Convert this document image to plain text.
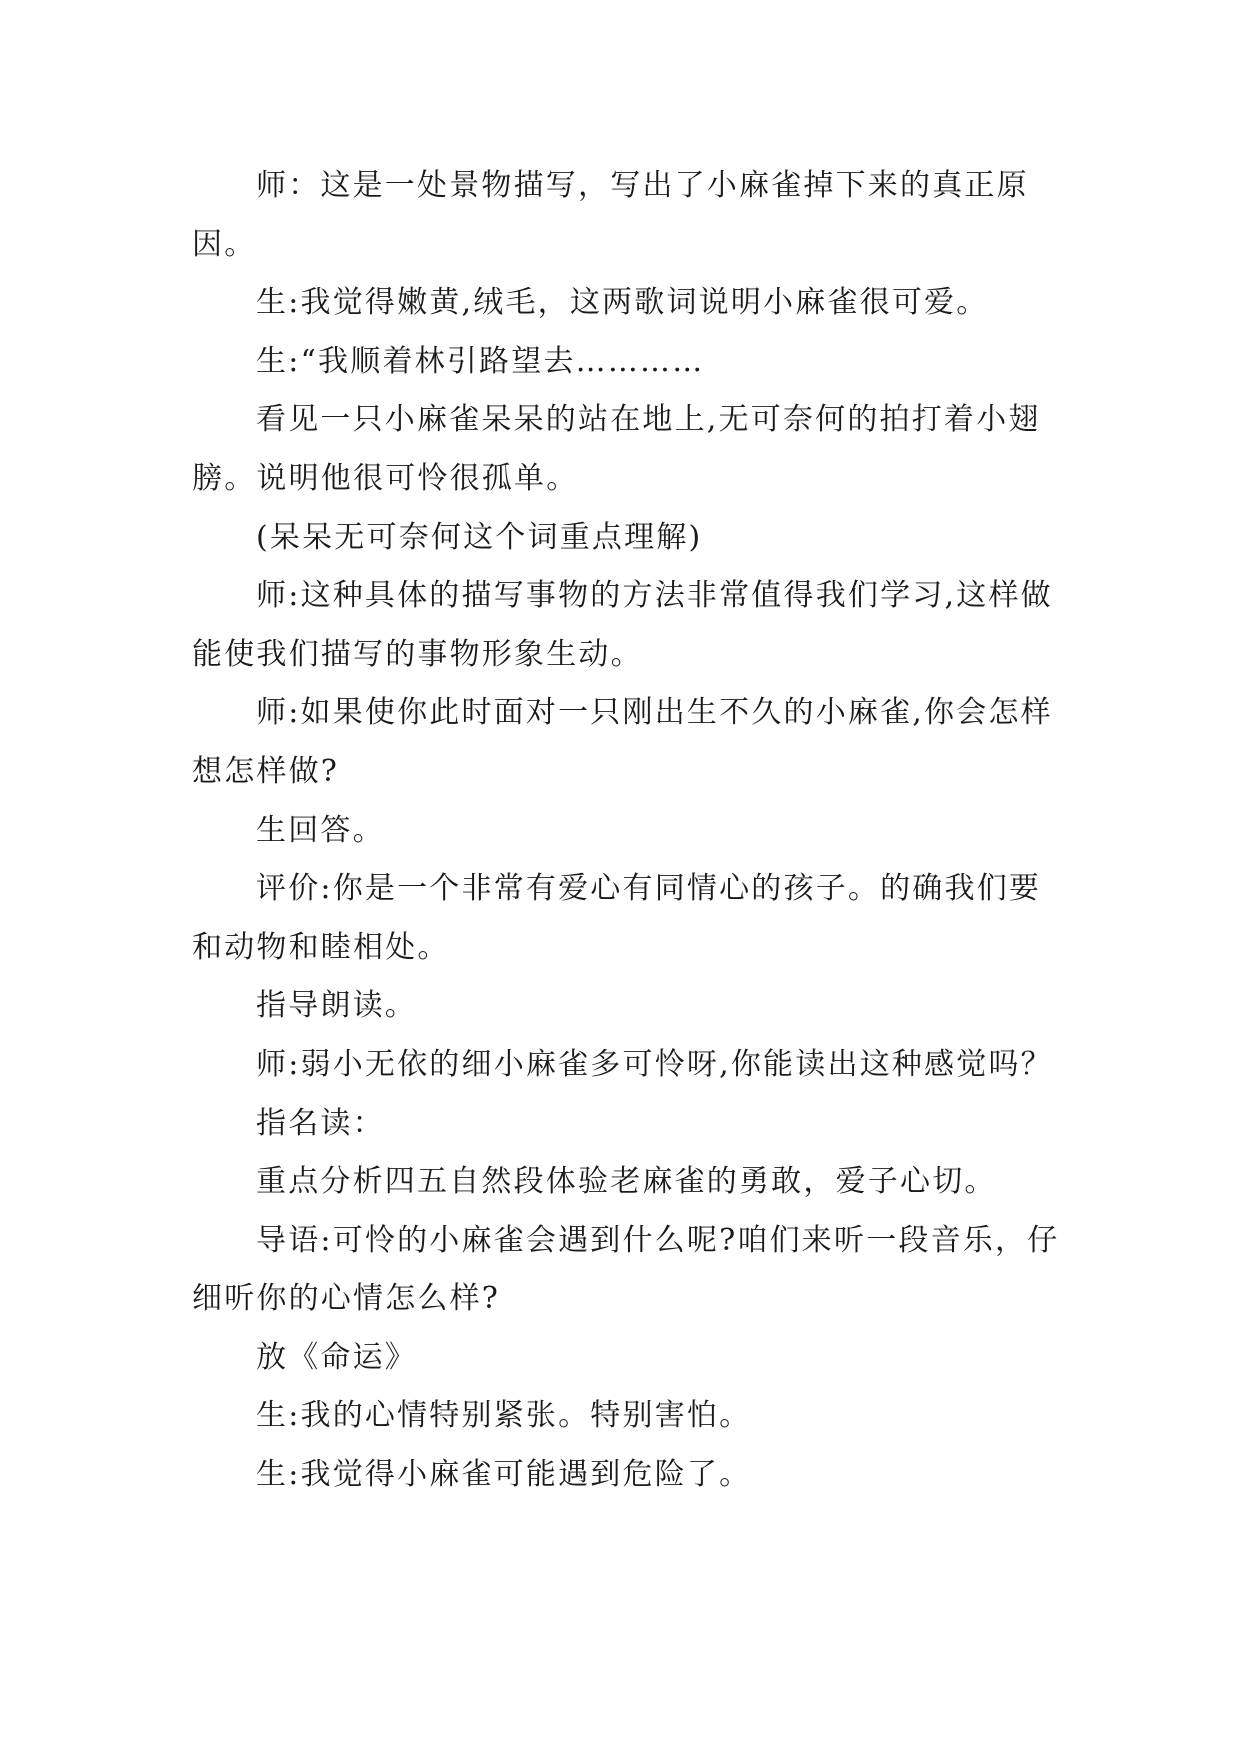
师：这是一处景物描写，写出了小麻雀掉下来的真正原因。

生:我觉得嫩黄,绒毛，这两歌词说明小麻雀很可爱。

生:“我顺着林引路望去…………

看见一只小麻雀呆呆的站在地上,无可奈何的拍打着小翅膀。说明他很可怜很孤单。

(呆呆无可奈何这个词重点理解)

师:这种具体的描写事物的方法非常值得我们学习,这样做能使我们描写的事物形象生动。

师:如果使你此时面对一只刚出生不久的小麻雀,你会怎样想怎样做?

生回答。

评价:你是一个非常有爱心有同情心的孩子。的确我们要和动物和睦相处。

指导朗读。

师:弱小无依的细小麻雀多可怜呀,你能读出这种感觉吗？

指名读：

重点分析四五自然段体验老麻雀的勇敢，爱子心切。

导语:可怜的小麻雀会遇到什么呢?咱们来听一段音乐，仔细听你的心情怎么样?

放《命运》

生:我的心情特别紧张。特别害怕。

生:我觉得小麻雀可能遇到危险了。
